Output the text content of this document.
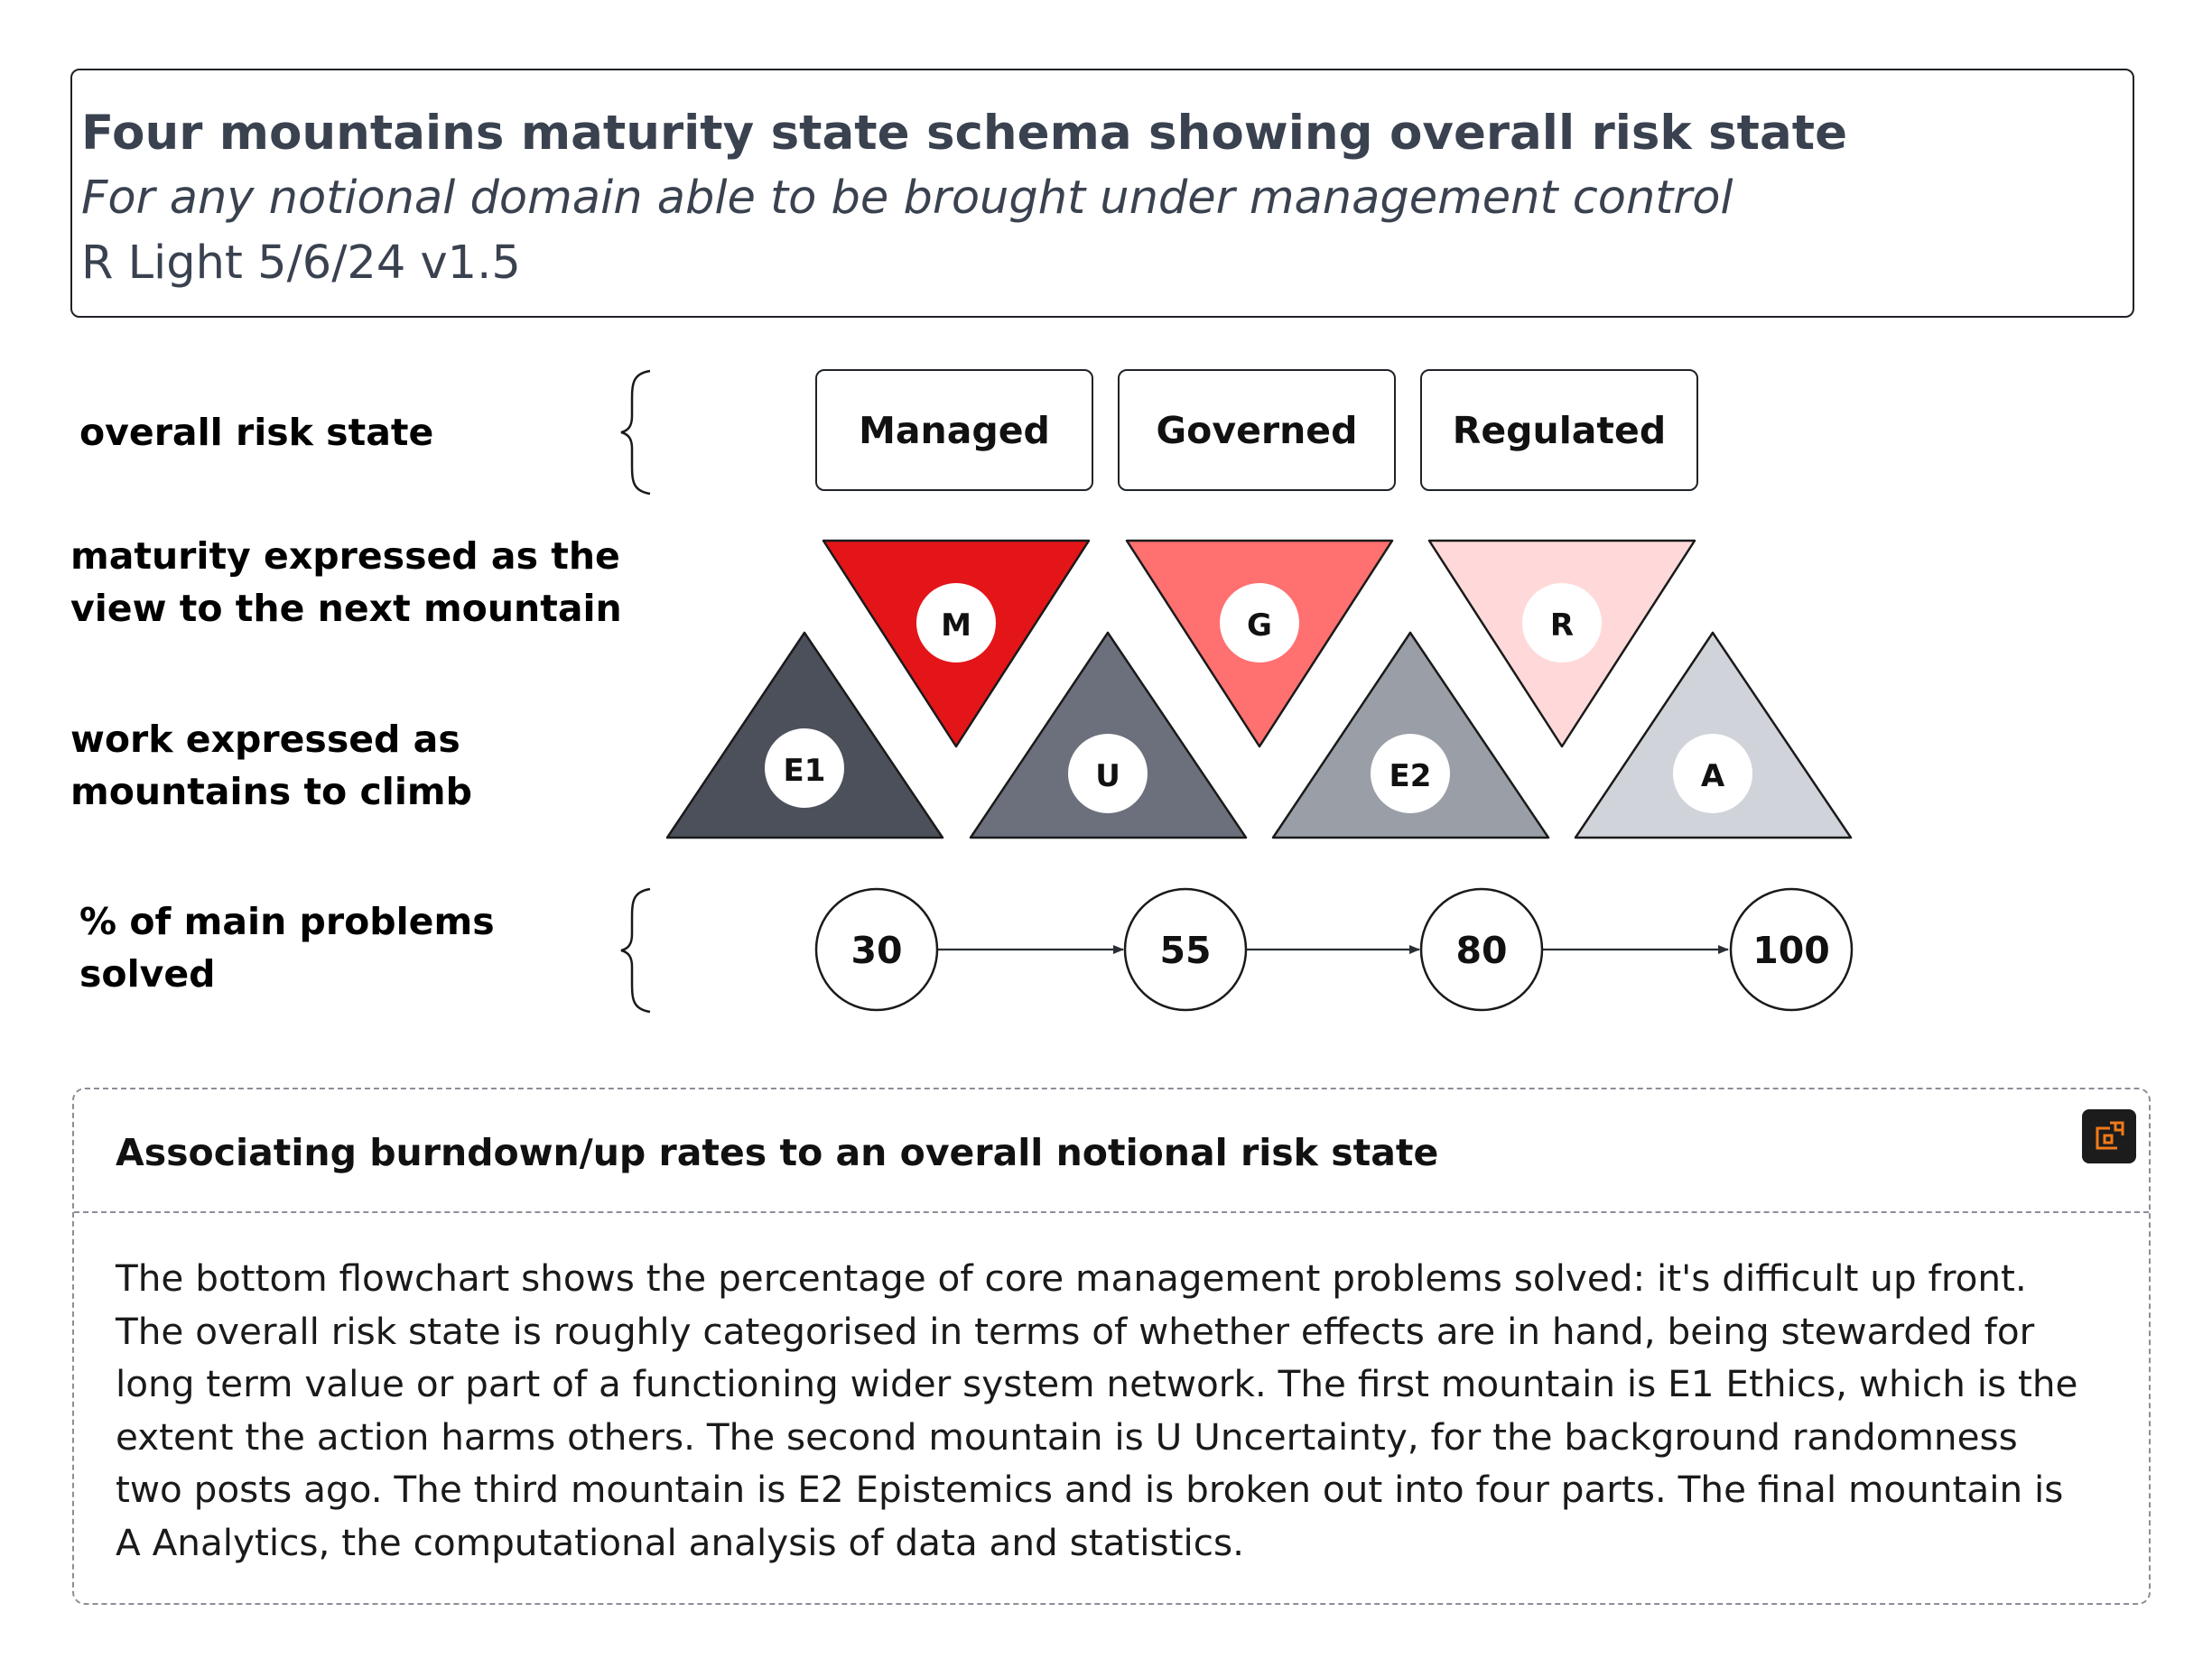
Four mountains maturity state schema showing overall risk state
For any notional domain able to be brought under management control
R Light 5/6/24 v1.5
overall risk state
maturity expressed as the
view to the next mountain
work expressed as
mountains to climb
% of main problems
solved
Managed	Governed	Regulated
M	G	R
E1	U	E2	A
30	55	80	100
Associating burndown/up rates to an overall notional risk state
The bottom flowchart shows the percentage of core management problems solved: it's difficult up front. The overall risk state is roughly categorised in terms of whether effects are in hand, being stewarded for long term value or part of a functioning wider system network. The first mountain is E1 Ethics, which is the extent the action harms others. The second mountain is U Uncertainty, for the background randomness two posts ago. The third mountain is E2 Epistemics and is broken out into four parts. The final mountain is A Analytics, the computational analysis of data and statistics.
